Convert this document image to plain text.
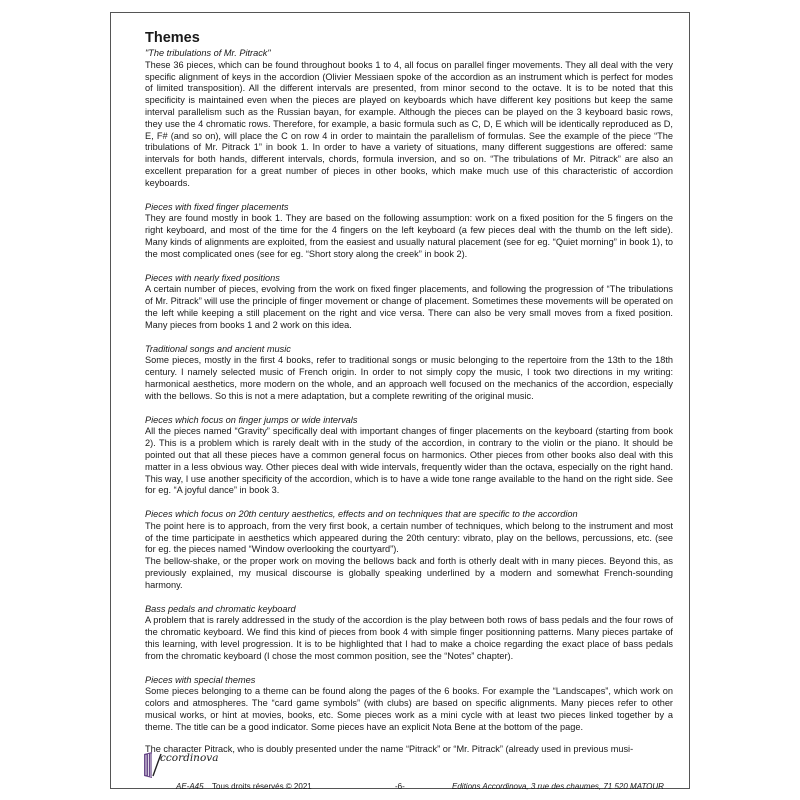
Themes
"The tribulations of Mr. Pitrack"
These 36 pieces, which can be found throughout books 1 to 4, all focus on parallel finger movements. They all deal with the very specific alignment of keys in the accordion (Olivier Messiaen spoke of the accordion as an instrument which is perfect for modes of limited transposition). All the different intervals are presented, from minor second to the octave. It is to be noted that this specificity is maintained even when the pieces are played on keyboards which have different key positions but keep the same interval parallelism such as the Russian bayan, for example. Although the pieces can be played on the 3 keyboard basic rows, they use the 4 chromatic rows. Therefore, for example, a basic formula such as C, D, E which will be identically reproduced as D, E, F# (and so on), will place the C on row 4 in order to maintain the parallelism of formulas. See the example of the piece “The tribulations of Mr. Pitrack 1” in book 1. In order to have a variety of situations, many different suggestions are offered: same intervals for both hands, different intervals, chords, formula inversion, and so on. “The tribulations of Mr. Pitrack” are also an excellent preparation for a great number of pieces in other books, which make much use of this characteristic of accordion keyboards.
Pieces with fixed finger placements
They are found mostly in book 1. They are based on the following assumption: work on a fixed position for the 5 fingers on the right keyboard, and most of the time for the 4 fingers on the left keyboard (a few pieces deal with the thumb on the left side). Many kinds of alignments are exploited, from the easiest and usually natural placement (see for eg. “Quiet morning” in book 1), to the most complicated ones (see for eg. “Short story along the creek” in book 2).
Pieces with nearly fixed positions
A certain number of pieces, evolving from the work on fixed finger placements, and following the progression of “The tribulations of Mr. Pitrack” will use the principle of finger movement or change of placement. Sometimes these movements will be operated on the left while keeping a still placement on the right and vice versa. There can also be very small moves from a fixed position. Many pieces from books 1 and 2 work on this idea.
Traditional songs and ancient music
Some pieces, mostly in the first 4 books, refer to traditional songs or music belonging to the repertoire from the 13th to the 18th century. I namely selected music of French origin. In order to not simply copy the music, I took two directions in my writing: harmonical aesthetics, more modern on the whole, and an approach well focused on the mechanics of the accordion, especially with the bellows. So this is not a mere adaptation, but a complete rewriting of the original music.
Pieces which focus on finger jumps or wide intervals
All the pieces named “Gravity” specifically deal with important changes of finger placements on the keyboard (starting from book 2). This is a problem which is rarely dealt with in the study of the accordion, in contrary to the violin or the piano. It should be pointed out that all these pieces have a common general focus on harmonics. Other pieces from other books also deal with this matter in a less obvious way. Other pieces deal with wide intervals, frequently wider than the octava, especially on the right hand. This way, I use another specificity of the accordion, which is to have a wide tone range available to the hand on the right side. See for eg. “A joyful dance” in book 3.
Pieces which focus on 20th century aesthetics, effects and on techniques that are specific to the accordion
The point here is to approach, from the very first book, a certain number of techniques, which belong to the instrument and most of the time participate in aesthetics which appeared during the 20th century: vibrato, play on the bellows, percussions, etc. (see for eg. the pieces named “Window overlooking the courtyard”).
The bellow-shake, or the proper work on moving the bellows back and forth is otherly dealt with in many pieces. Beyond this, as previously explained, my musical discourse is globally speaking underlined by a modern and somewhat French-sounding harmony.
Bass pedals and chromatic keyboard
A problem that is rarely addressed in the study of the accordion is the play between both rows of bass pedals and the four rows of the chromatic keyboard. We find this kind of pieces from book 4 with simple finger positionning patterns. Many pieces partake of this learning, with level progression. It is to be highlighted that I had to make a choice regarding the exact place of bass pedals from the chromatic keyboard (I chose the most common position, see the “Notes” chapter).
Pieces with special themes
Some pieces belonging to a theme can be found along the pages of the 6 books. For example the “Landscapes”, which work on colors and atmospheres. The “card game symbols” (with clubs) are based on specific alignments. Many pieces refer to other musical works, or hint at movies, books, etc. Some pieces work as a mini cycle with at least two pieces linked together by a theme. The title can be a good indicator. Some pieces have an explicit Nota Bene at the bottom of the page.
The character Pitrack, who is doubly presented under the name “Pitrack” or “Mr. Pitrack” (already used in previous musi-
ccordinova
AE-A45 Tous droits réservés © 2021	-6-	Editions Accordinova, 3 rue des chaumes, 71 520 MATOUR
